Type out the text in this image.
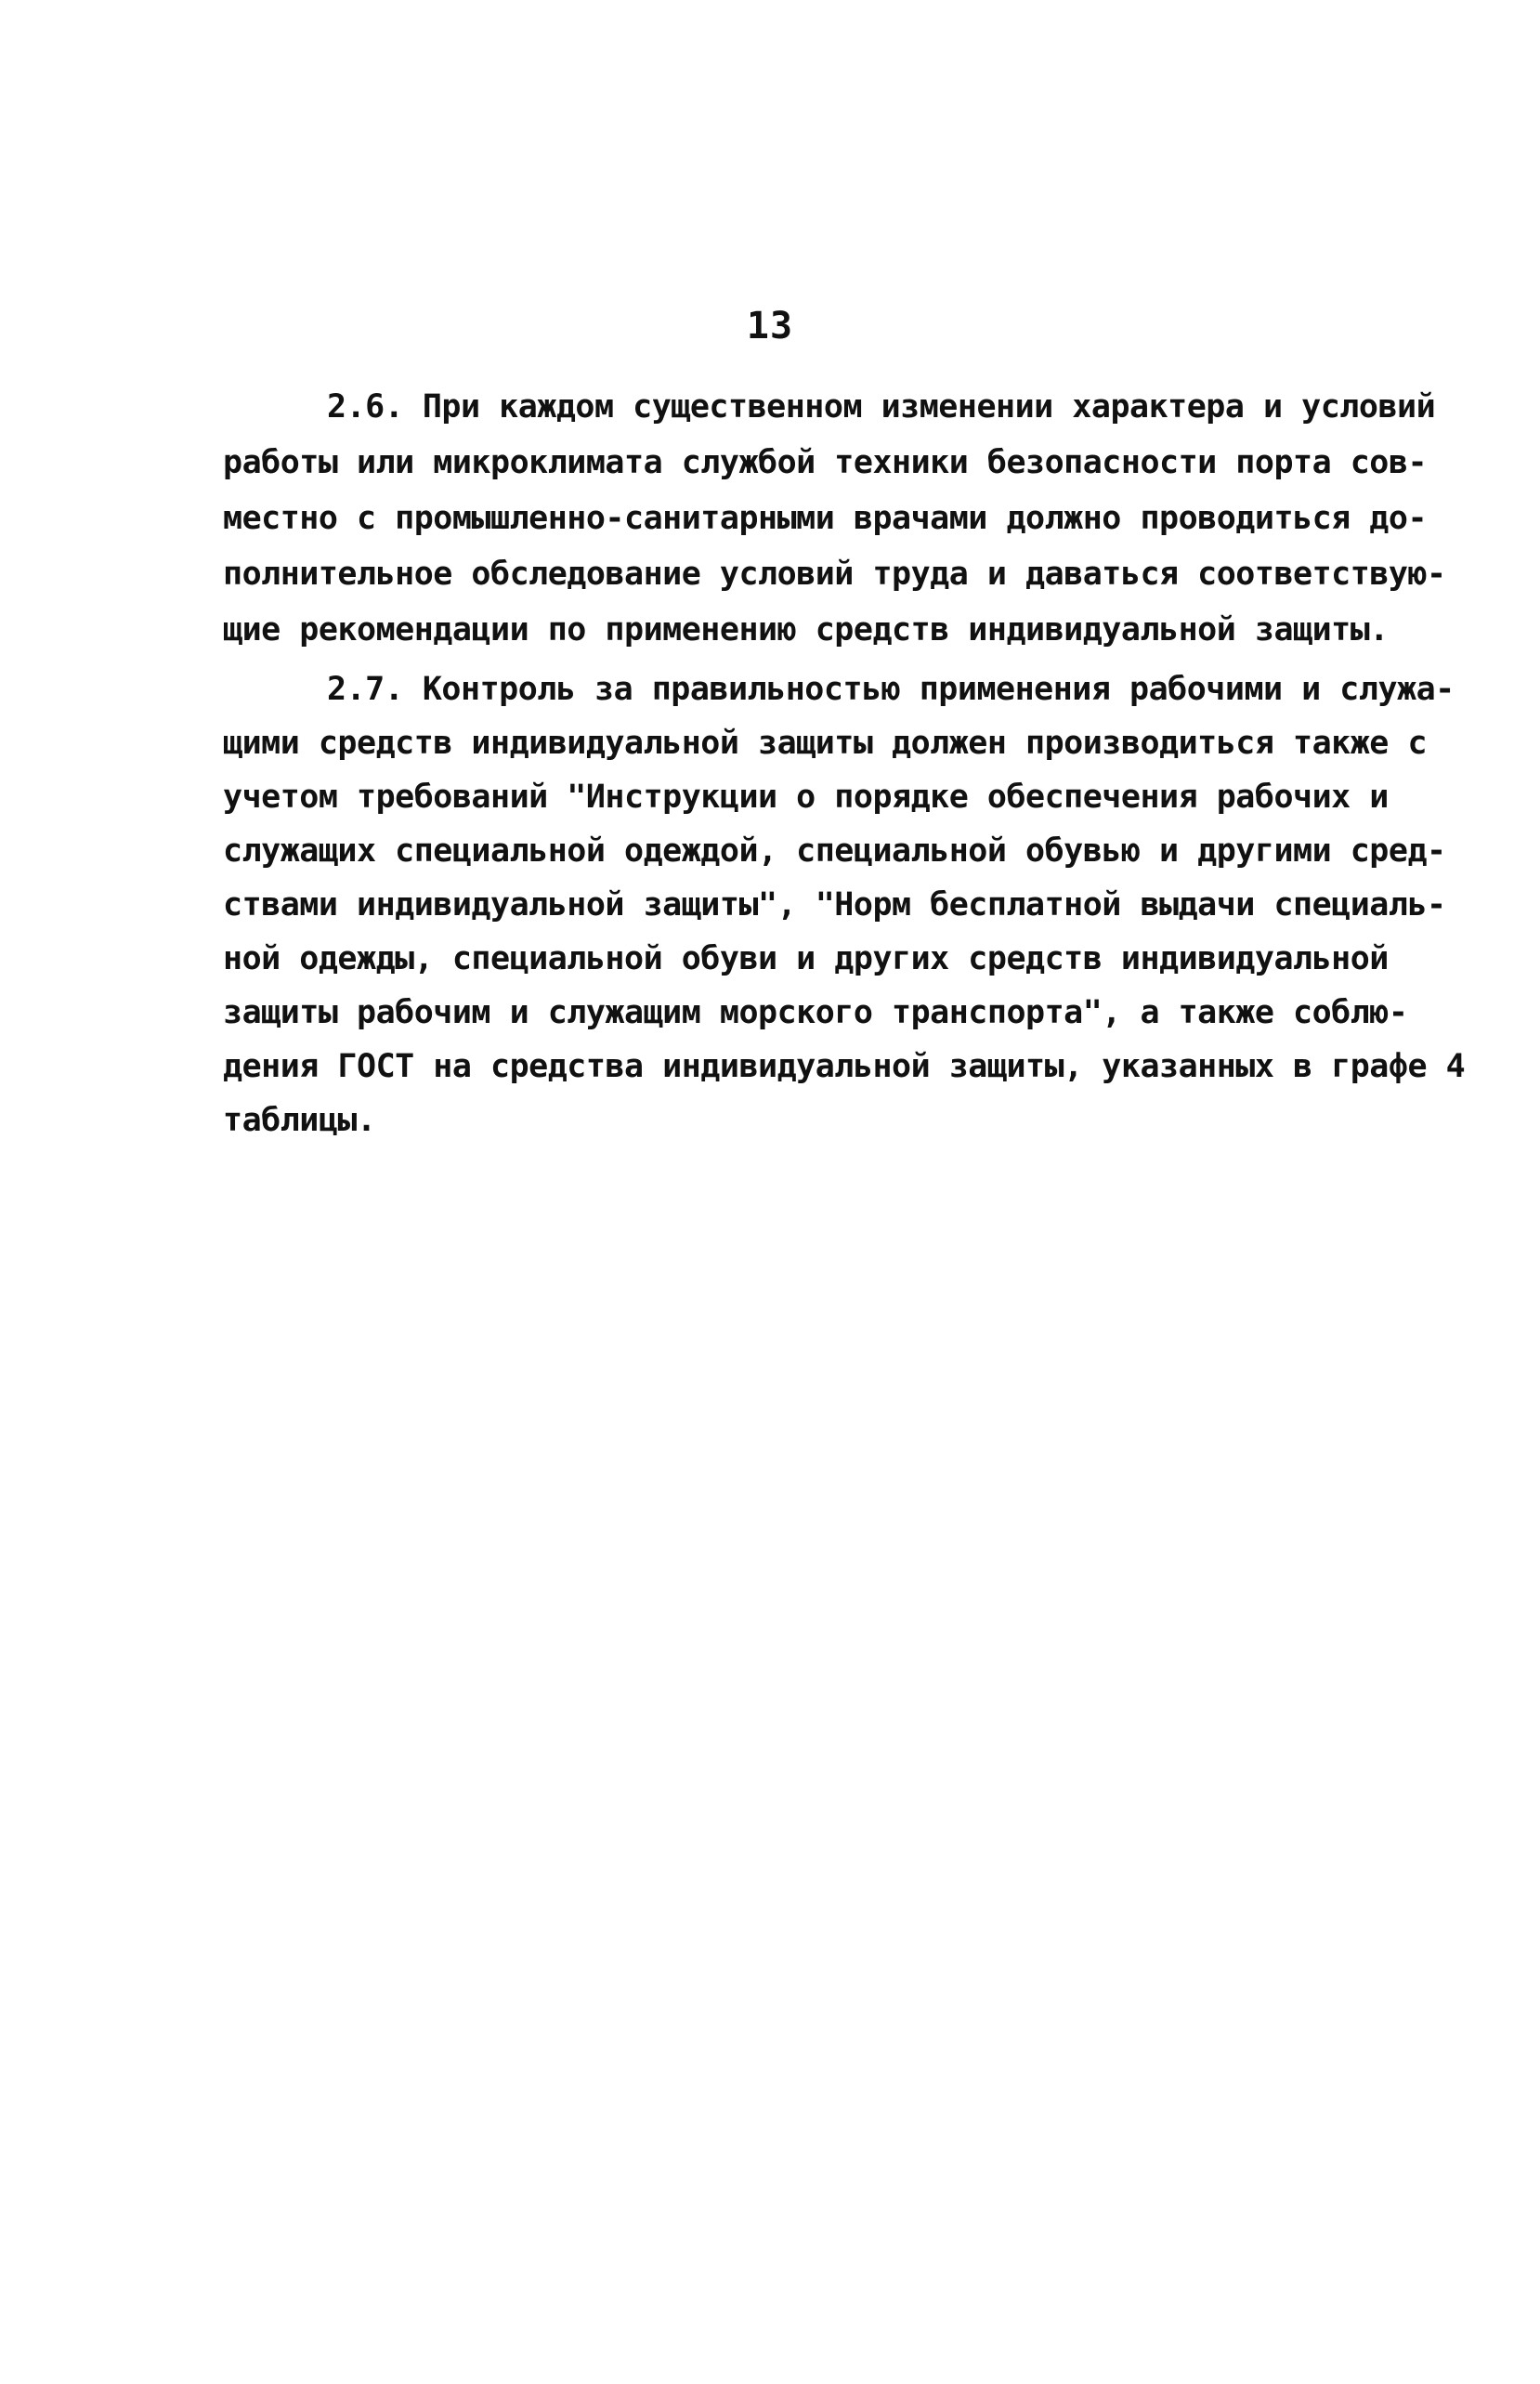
13
2.6. При каждом существенном изменении характера и условий
работы или микроклимата службой техники безопасности порта сов-
местно с промышленно-санитарными врачами должно проводиться до-
полнительное обследование условий труда и даваться соответствую-
щие рекомендации по применению средств индивидуальной защиты.
2.7. Контроль за правильностью применения рабочими и служа-
щими средств индивидуальной защиты должен производиться также с
учетом требований "Инструкции о порядке обеспечения рабочих и
служащих специальной одеждой, специальной обувью и другими сред-
ствами индивидуальной защиты", "Норм бесплатной выдачи специаль-
ной одежды, специальной обуви и других средств индивидуальной
защиты рабочим и служащим морского транспорта", а также соблю-
дения ГОСТ на средства индивидуальной защиты, указанных в графе 4
таблицы.
